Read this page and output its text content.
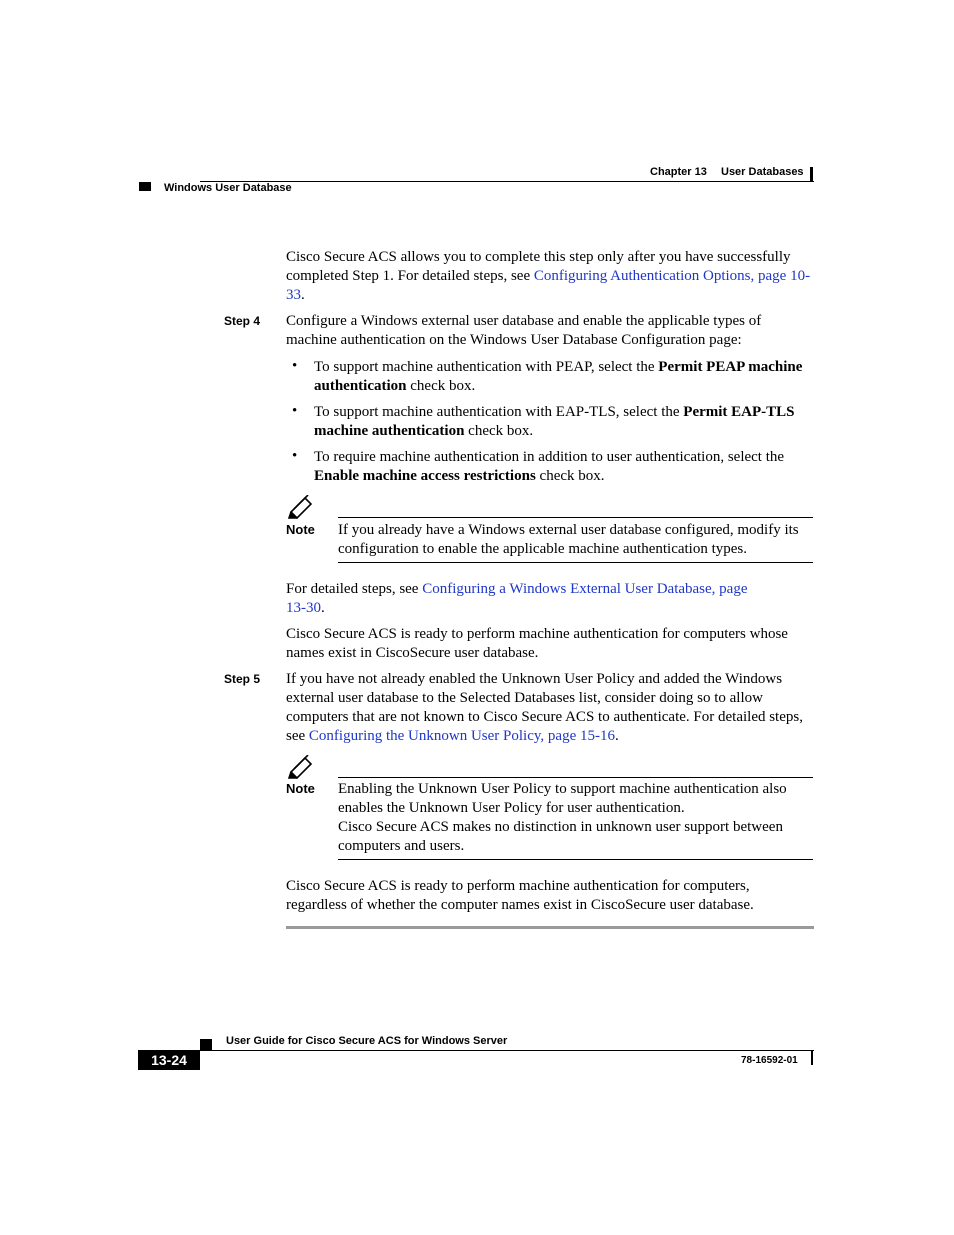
Chapter 13 User Databases
Windows User Database
Cisco Secure ACS allows you to complete this step only after you have successfully completed Step 1. For detailed steps, see Configuring Authentication Options, page 10-33.
Step 4 Configure a Windows external user database and enable the applicable types of machine authentication on the Windows User Database Configuration page:
• To support machine authentication with PEAP, select the Permit PEAP machine authentication check box.
• To support machine authentication with EAP-TLS, select the Permit EAP-TLS machine authentication check box.
• To require machine authentication in addition to user authentication, select the Enable machine access restrictions check box.
Note If you already have a Windows external user database configured, modify its configuration to enable the applicable machine authentication types.
For detailed steps, see Configuring a Windows External User Database, page 13-30.
Cisco Secure ACS is ready to perform machine authentication for computers whose names exist in CiscoSecure user database.
Step 5 If you have not already enabled the Unknown User Policy and added the Windows external user database to the Selected Databases list, consider doing so to allow computers that are not known to Cisco Secure ACS to authenticate. For detailed steps, see Configuring the Unknown User Policy, page 15-16.
Note Enabling the Unknown User Policy to support machine authentication also enables the Unknown User Policy for user authentication.
Cisco Secure ACS makes no distinction in unknown user support between computers and users.
Cisco Secure ACS is ready to perform machine authentication for computers, regardless of whether the computer names exist in CiscoSecure user database.
User Guide for Cisco Secure ACS for Windows Server
13-24	78-16592-01
